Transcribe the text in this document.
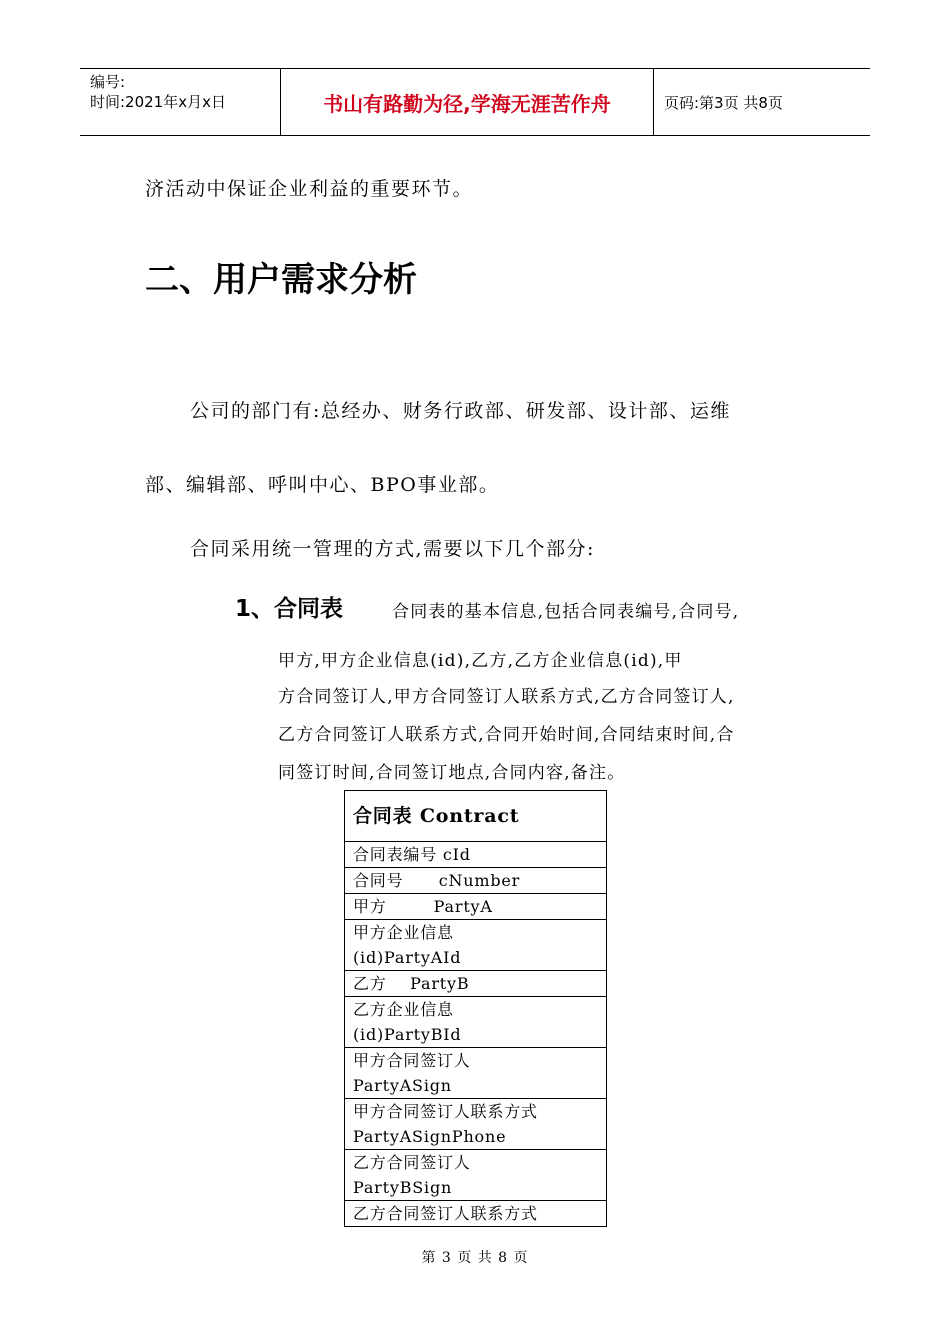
编号:
时间:2021年x月x日	书山有路勤为径,学海无涯苦作舟	页码:第3页 共8页
济活动中保证企业利益的重要环节。
二、用户需求分析
公司的部门有:总经办、财务行政部、研发部、设计部、运维
部、编辑部、呼叫中心、BPO事业部。
合同采用统一管理的方式,需要以下几个部分:
1、合同表	合同表的基本信息,包括合同表编号,合同号,
甲方,甲方企业信息(id),乙方,乙方企业信息(id),甲
方合同签订人,甲方合同签订人联系方式,乙方合同签订人,
乙方合同签订人联系方式,合同开始时间,合同结束时间,合
同签订时间,合同签订地点,合同内容,备注。
合同表 Contract
合同表编号 cId
合同号      cNumber
甲方        PartyA
甲方企业信息
(id)PartyAId
乙方    PartyB
乙方企业信息
(id)PartyBId
甲方合同签订人
PartyASign
甲方合同签订人联系方式
PartyASignPhone
乙方合同签订人
PartyBSign
乙方合同签订人联系方式
第 3 页 共 8 页
